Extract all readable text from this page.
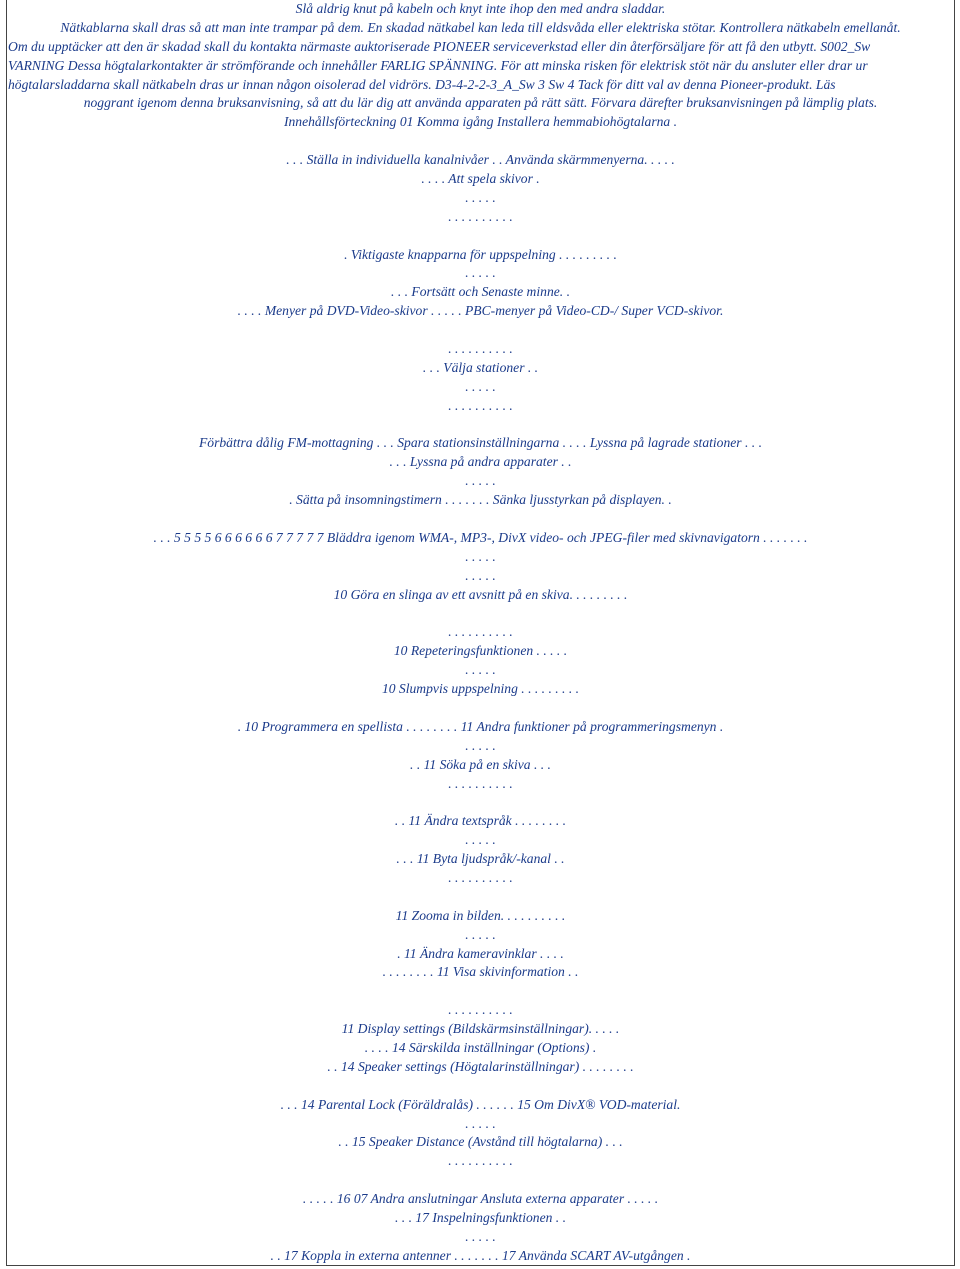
Slå aldrig knut på kabeln och knyt inte ihop den med andra sladdar.
Nätkablarna skall dras så att man inte trampar på dem. En skadad nätkabel kan leda till eldsvåda eller elektriska stötar. Kontrollera nätkabeln emellanåt.
Om du upptäcker att den är skadad skall du kontakta närmaste auktoriserade PIONEER serviceverkstad eller din återförsäljare för att få den utbytt. S002_Sw
VARNING Dessa högtalarkontakter är strömförande och innehåller FARLIG SPÄNNING. För att minska risken för elektrisk stöt när du ansluter eller drar ur
högtalarsladdarna skall nätkabeln dras ur innan någon oisolerad del vidrörs. D3-4-2-2-3_A_Sw 3 Sw 4 Tack för ditt val av denna Pioneer-produkt. Läs
noggrant igenom denna bruksanvisning, så att du lär dig att använda apparaten på rätt sätt. Förvara därefter bruksanvisningen på lämplig plats.
Innehållsförteckning 01 Komma igång Installera hemmabiohögtalarna .
. . . Ställa in individuella kanalnivåer . . Använda skärmmenyerna. . . . .
. . . . Att spela skivor .
. . . . .
. . . . . . . . . .
. Viktigaste knapparna för uppspelning . . . . . . . . .
. . . . .
. . . Fortsätt och Senaste minne. .
. . . . Menyer på DVD-Video-skivor . . . . . PBC-menyer på Video-CD-/ Super VCD-skivor.
. . . . . . . . . .
. . . Välja stationer . .
. . . . .
. . . . . . . . . .
Förbättra dålig FM-mottagning . . . Spara stationsinställningarna . . . . Lyssna på lagrade stationer . . .
. . . Lyssna på andra apparater . .
. . . . .
. Sätta på insomningstimern . . . . . . . Sänka ljusstyrkan på displayen. .
. . . 5 5 5 5 6 6 6 6 6 6 7 7 7 7 7 Bläddra igenom WMA-, MP3-, DivX video- och JPEG-filer med skivnavigatorn . . . . . . .
. . . . .
. . . . .
10 Göra en slinga av ett avsnitt på en skiva. . . . . . . . .
. . . . . . . . . .
10 Repeteringsfunktionen . . . . .
. . . . .
10 Slumpvis uppspelning . . . . . . . . .
. 10 Programmera en spellista . . . . . . . . 11 Andra funktioner på programmeringsmenyn .
. . . . .
. . 11 Söka på en skiva . . .
. . . . . . . . . .
. . 11 Ändra textspråk . . . . . . . .
. . . . .
. . . 11 Byta ljudspråk/-kanal . .
. . . . . . . . . .
11 Zooma in bilden. . . . . . . . . .
. . . . .
. 11 Ändra kameravinklar . . . .
. . . . . . . . 11 Visa skivinformation . .
. . . . . . . . . .
11 Display settings (Bildskärmsinställningar). . . . .
. . . . 14 Särskilda inställningar (Options) .
. . 14 Speaker settings (Högtalarinställningar) . . . . . . . .
. . . 14 Parental Lock (Föräldralås) . . . . . . 15 Om DivX® VOD-material.
. . . . .
. . 15 Speaker Distance (Avstånd till högtalarna) . . .
. . . . . . . . . .
. . . . . 16 07 Andra anslutningar Ansluta externa apparater . . . . .
. . . 17 Inspelningsfunktionen . .
. . . . .
. . 17 Koppla in externa antenner . . . . . . . 17 Använda SCART AV-utgången .
